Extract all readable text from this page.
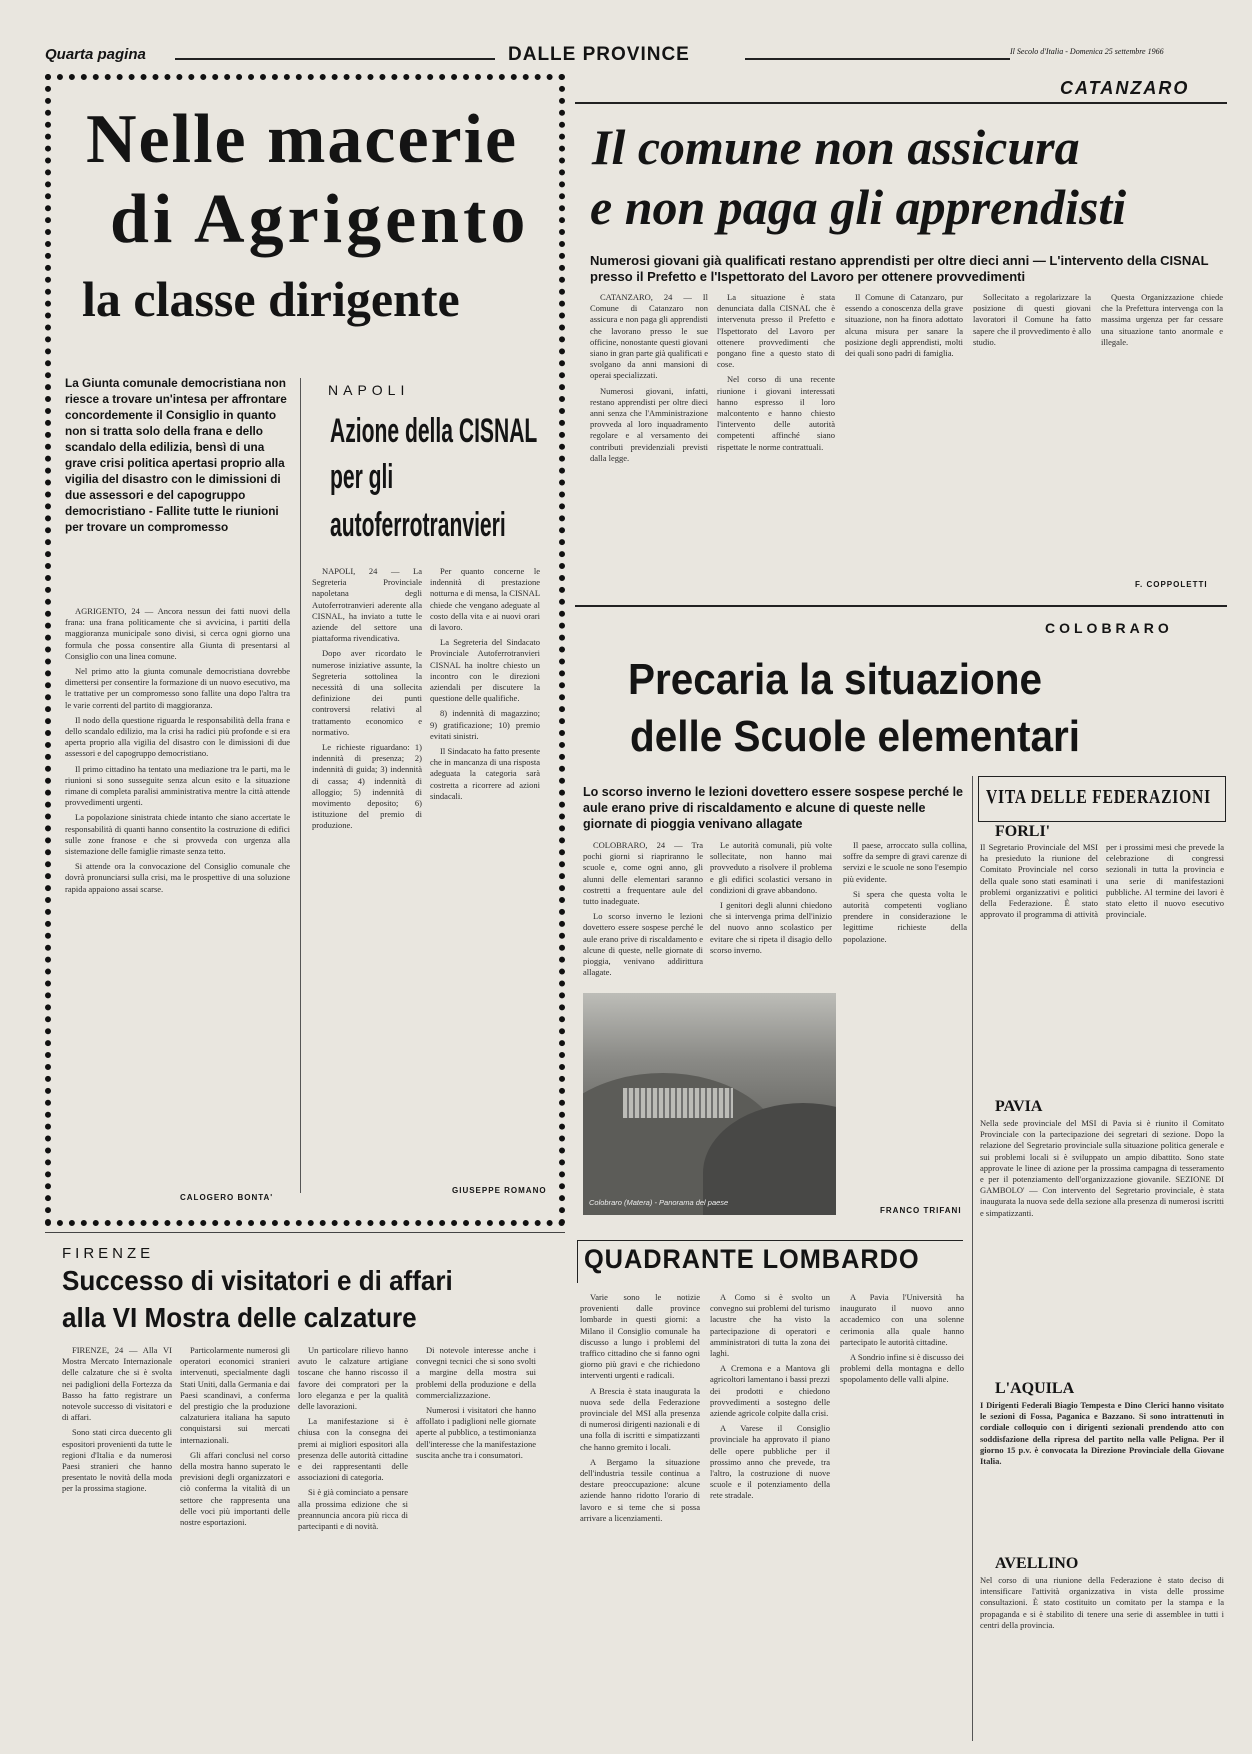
Quarta pagina	DALLE PROVINCE	Il Secolo d'Italia - Domenica 25 settembre 1966
Nelle macerie
di Agrigento
la classe dirigente
La Giunta comunale democristiana non riesce a trovare un'intesa per affrontare concordemente il Consiglio in quanto non si tratta solo della frana e dello scandalo della edilizia, bensì di una grave crisi politica apertasi proprio alla vigilia del disastro con le dimissioni di due assessori e del capogruppo democristiano - Fallite tutte le riunioni per trovare un compromesso

AGRIGENTO, 24 — Ancora nessun dei fatti nuovi della frana: una frana politicamente che si avvicina, i partiti della maggioranza municipale sono divisi, si cerca ogni giorno una formula che possa consentire alla Giunta di presentarsi al Consiglio con una linea comune.

Nel primo atto la giunta comunale democristiana dovrebbe dimettersi per consentire la formazione di un nuovo esecutivo, ma le trattative per un compromesso sono fallite una dopo l'altra tra le varie correnti del partito di maggioranza.

Il nodo della questione riguarda le responsabilità della frana e dello scandalo edilizio, ma la crisi ha radici più profonde e si era aperta proprio alla vigilia del disastro con le dimissioni di due assessori e del capogruppo democristiano.

Il primo cittadino ha tentato una mediazione tra le parti, ma le riunioni si sono susseguite senza alcun esito e la situazione rimane di completa paralisi amministrativa mentre la città attende provvedimenti urgenti.

La popolazione sinistrata chiede intanto che siano accertate le responsabilità di quanti hanno consentito la costruzione di edifici sulle zone franose e che si provveda con urgenza alla sistemazione delle famiglie rimaste senza tetto.

Si attende ora la convocazione del Consiglio comunale che dovrà pronunciarsi sulla crisi, ma le prospettive di una soluzione rapida appaiono assai scarse.

CALOGERO BONTA'
NAPOLI
Azione della CISNAL
per gli
autoferrotranvieri

NAPOLI, 24 — La Segreteria Provinciale napoletana degli Autoferrotranvieri aderente alla CISNAL, ha inviato a tutte le aziende del settore una piattaforma rivendicativa.

Dopo aver ricordato le numerose iniziative assunte, la Segreteria sottolinea la necessità di una sollecita definizione dei punti controversi relativi al trattamento economico e normativo.

Le richieste riguardano: 1) indennità di presenza; 2) indennità di guida; 3) indennità di cassa; 4) indennità di alloggio; 5) indennità di movimento deposito; 6) istituzione del premio di produzione.

Per quanto concerne le indennità di prestazione notturna e di mensa, la CISNAL chiede che vengano adeguate al costo della vita e ai nuovi orari di lavoro.

La Segreteria del Sindacato Provinciale Autoferrotranvieri CISNAL ha inoltre chiesto un incontro con le direzioni aziendali per discutere la questione delle qualifiche.

8) indennità di magazzino; 9) gratificazione; 10) premio evitati sinistri.

Il Sindacato ha fatto presente che in mancanza di una risposta adeguata la categoria sarà costretta a ricorrere ad azioni sindacali.

GIUSEPPE ROMANO
CATANZARO
Il comune non assicura
e non paga gli apprendisti
Numerosi giovani già qualificati restano apprendisti per oltre dieci anni — L'intervento della CISNAL presso il Prefetto e l'Ispettorato del Lavoro per ottenere provvedimenti

CATANZARO, 24 — Il Comune di Catanzaro non assicura e non paga gli apprendisti che lavorano presso le sue officine, nonostante questi giovani siano in gran parte già qualificati e svolgano da anni mansioni di operai specializzati.

Numerosi giovani, infatti, restano apprendisti per oltre dieci anni senza che l'Amministrazione provveda al loro inquadramento regolare e al versamento dei contributi previdenziali previsti dalla legge.

La situazione è stata denunciata dalla CISNAL che è intervenuta presso il Prefetto e l'Ispettorato del Lavoro per ottenere provvedimenti che pongano fine a questo stato di cose.

Nel corso di una recente riunione i giovani interessati hanno espresso il loro malcontento e hanno chiesto l'intervento delle autorità competenti affinché siano rispettate le norme contrattuali.

Il Comune di Catanzaro, pur essendo a conoscenza della grave situazione, non ha finora adottato alcuna misura per sanare la posizione degli apprendisti, molti dei quali sono padri di famiglia.

Sollecitato a regolarizzare la posizione di questi giovani lavoratori il Comune ha fatto sapere che il provvedimento è allo studio.

Questa Organizzazione chiede che la Prefettura intervenga con la massima urgenza per far cessare una situazione tanto anormale e illegale.

F. COPPOLETTI
COLOBRARO
Precaria la situazione
delle Scuole elementari
Lo scorso inverno le lezioni dovettero essere sospese perché le aule erano prive di riscaldamento e alcune di queste nelle giornate di pioggia venivano allagate

COLOBRARO, 24 — Tra pochi giorni si riapriranno le scuole e, come ogni anno, gli alunni delle elementari saranno costretti a frequentare aule del tutto inadeguate.

Lo scorso inverno le lezioni dovettero essere sospese perché le aule erano prive di riscaldamento e alcune di queste, nelle giornate di pioggia, venivano addirittura allagate.

Le autorità comunali, più volte sollecitate, non hanno mai provveduto a risolvere il problema e gli edifici scolastici versano in condizioni di grave abbandono.

I genitori degli alunni chiedono che si intervenga prima dell'inizio del nuovo anno scolastico per evitare che si ripeta il disagio dello scorso inverno.

Il paese, arroccato sulla collina, soffre da sempre di gravi carenze di servizi e le scuole ne sono l'esempio più evidente.

Si spera che questa volta le autorità competenti vogliano prendere in considerazione le legittime richieste della popolazione.

Colobraro (Matera) - Panorama del paese
FRANCO TRIFANI
VITA DELLE FEDERAZIONI
FORLI'
Il Segretario Provinciale del MSI ha presieduto la riunione del Comitato Provinciale nel corso della quale sono stati esaminati i problemi organizzativi e politici della Federazione. È stato approvato il programma di attività per i prossimi mesi che prevede la celebrazione di congressi sezionali in tutta la provincia e una serie di manifestazioni pubbliche. Al termine dei lavori è stato eletto il nuovo esecutivo provinciale.
PAVIA
Nella sede provinciale del MSI di Pavia si è riunito il Comitato Provinciale con la partecipazione dei segretari di sezione. Dopo la relazione del Segretario provinciale sulla situazione politica generale e sui problemi locali si è sviluppato un ampio dibattito. Sono state approvate le linee di azione per la prossima campagna di tesseramento e per il potenziamento dell'organizzazione giovanile. SEZIONE DI GAMBOLO' — Con intervento del Segretario provinciale, è stata inaugurata la nuova sede della sezione alla presenza di numerosi iscritti e simpatizzanti.
L'AQUILA
I Dirigenti Federali Biagio Tempesta e Dino Clerici hanno visitato le sezioni di Fossa, Paganica e Bazzano. Si sono intrattenuti in cordiale colloquio con i dirigenti sezionali prendendo atto con soddisfazione della ripresa del partito nella valle Peligna. Per il giorno 15 p.v. è convocata la Direzione Provinciale della Giovane Italia.
AVELLINO
Nel corso di una riunione della Federazione è stato deciso di intensificare l'attività organizzativa in vista delle prossime consultazioni. È stato costituito un comitato per la stampa e la propaganda e si è stabilito di tenere una serie di assemblee in tutti i centri della provincia.
FIRENZE
Successo di visitatori e di affari
alla VI Mostra delle calzature

FIRENZE, 24 — Alla VI Mostra Mercato Internazionale delle calzature che si è svolta nei padiglioni della Fortezza da Basso ha fatto registrare un notevole successo di visitatori e di affari.

Sono stati circa duecento gli espositori provenienti da tutte le regioni d'Italia e da numerosi Paesi stranieri che hanno presentato le novità della moda per la prossima stagione.

Particolarmente numerosi gli operatori economici stranieri intervenuti, specialmente dagli Stati Uniti, dalla Germania e dai Paesi scandinavi, a conferma del prestigio che la produzione calzaturiera italiana ha saputo conquistarsi sui mercati internazionali.

Gli affari conclusi nel corso della mostra hanno superato le previsioni degli organizzatori e ciò conferma la vitalità di un settore che rappresenta una delle voci più importanti delle nostre esportazioni.

Un particolare rilievo hanno avuto le calzature artigiane toscane che hanno riscosso il favore dei compratori per la loro eleganza e per la qualità delle lavorazioni.

La manifestazione si è chiusa con la consegna dei premi ai migliori espositori alla presenza delle autorità cittadine e dei rappresentanti delle associazioni di categoria.

Si è già cominciato a pensare alla prossima edizione che si preannuncia ancora più ricca di partecipanti e di novità.

Di notevole interesse anche i convegni tecnici che si sono svolti a margine della mostra sui problemi della produzione e della commercializzazione.

Numerosi i visitatori che hanno affollato i padiglioni nelle giornate aperte al pubblico, a testimonianza dell'interesse che la manifestazione suscita anche tra i consumatori.

QUADRANTE LOMBARDO

Varie sono le notizie provenienti dalle province lombarde in questi giorni: a Milano il Consiglio comunale ha discusso a lungo i problemi del traffico cittadino che si fanno ogni giorno più gravi e che richiedono interventi urgenti e radicali.

A Brescia è stata inaugurata la nuova sede della Federazione provinciale del MSI alla presenza di numerosi dirigenti nazionali e di una folla di iscritti e simpatizzanti che hanno gremito i locali.

A Bergamo la situazione dell'industria tessile continua a destare preoccupazione: alcune aziende hanno ridotto l'orario di lavoro e si teme che si possa arrivare a licenziamenti.

A Como si è svolto un convegno sui problemi del turismo lacustre che ha visto la partecipazione di operatori e amministratori di tutta la zona dei laghi.

A Cremona e a Mantova gli agricoltori lamentano i bassi prezzi dei prodotti e chiedono provvedimenti a sostegno delle aziende agricole colpite dalla crisi.

A Varese il Consiglio provinciale ha approvato il piano delle opere pubbliche per il prossimo anno che prevede, tra l'altro, la costruzione di nuove scuole e il potenziamento della rete stradale.

A Pavia l'Università ha inaugurato il nuovo anno accademico con una solenne cerimonia alla quale hanno partecipato le autorità cittadine.

A Sondrio infine si è discusso dei problemi della montagna e dello spopolamento delle valli alpine.
